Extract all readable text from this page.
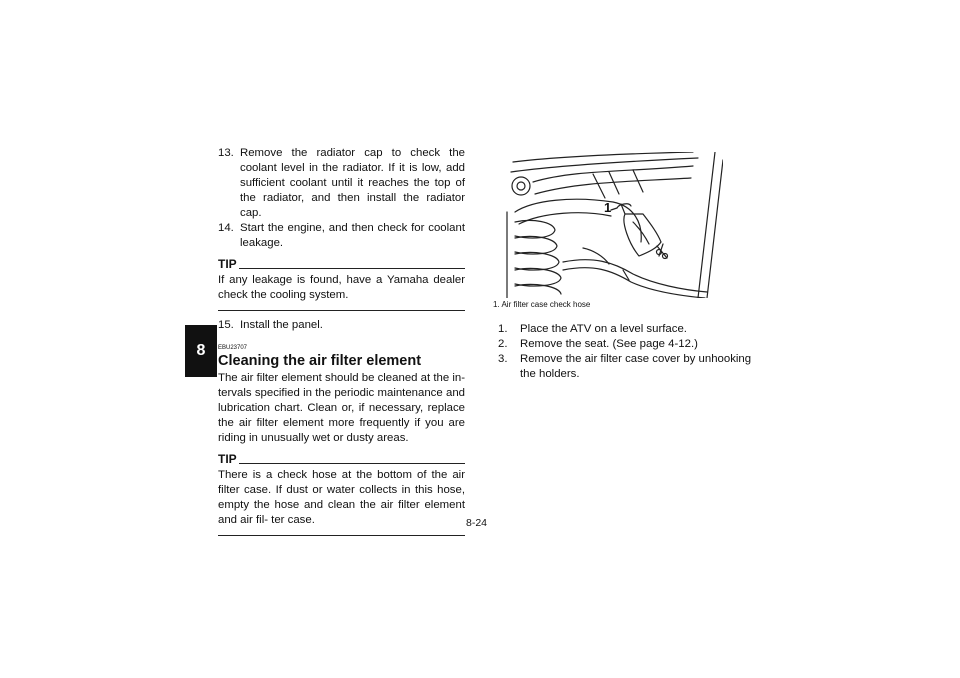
8
13. Remove the radiator cap to check the coolant level in the radiator. If it is low, add sufficient coolant until it reaches the top of the radiator, and then install the radiator cap.
14. Start the engine, and then check for coolant leakage.
TIP
If any leakage is found, have a Yamaha dealer check the cooling system.
15. Install the panel.
EBU23707
Cleaning the air filter element
The air filter element should be cleaned at the in- tervals specified in the periodic maintenance and lubrication chart. Clean or, if necessary, replace the air filter element more frequently if you are riding in unusually wet or dusty areas.
TIP
There is a check hose at the bottom of the air filter case. If dust or water collects in this hose, empty the hose and clean the air filter element and air fil- ter case.
1
1. Air filter case check hose
1.	Place the ATV on a level surface.
2.	Remove the seat. (See page 4-12.)
3.	Remove the air filter case cover by unhooking the holders.
8-24
